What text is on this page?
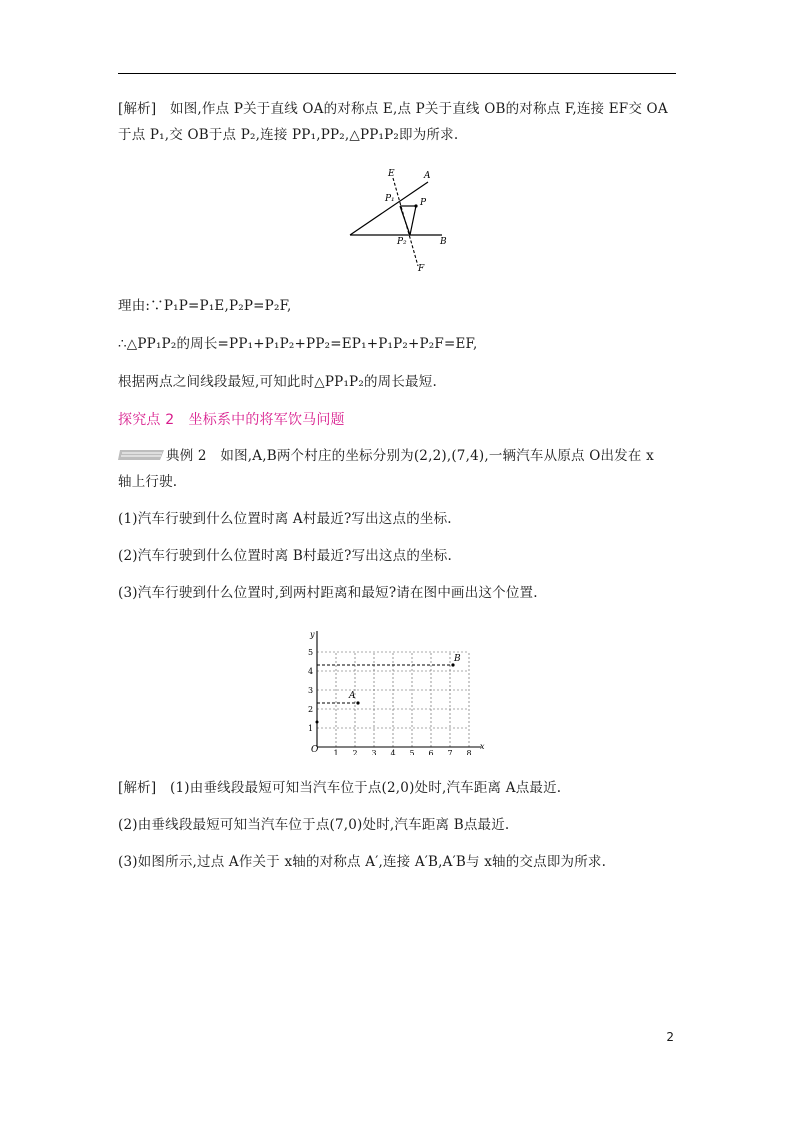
[解析]　如图,作点 P关于直线 OA的对称点 E,点 P关于直线 OB的对称点 F,连接 EF交 OA
于点 P₁,交 OB于点 P₂,连接 PP₁,PP₂,△PP₁P₂即为所求.
E	A
P₁	P
P₂	B
F
理由:∵P₁P=P₁E,P₂P=P₂F,
∴△PP₁P₂的周长=PP₁+P₁P₂+PP₂=EP₁+P₁P₂+P₂F=EF,
根据两点之间线段最短,可知此时△PP₁P₂的周长最短.
探究点 2　坐标系中的将军饮马问题
典例 2　如图,A,B两个村庄的坐标分别为(2,2),(7,4),一辆汽车从原点 O出发在 x
轴上行驶.
(1)汽车行驶到什么位置时离 A村最近?写出这点的坐标.
(2)汽车行驶到什么位置时离 B村最近?写出这点的坐标.
(3)汽车行驶到什么位置时,到两村距离和最短?请在图中画出这个位置.
A
B
O	x
y
1 2 3 4 5 6 7 8
1
2
3
4
5
[解析]　(1)由垂线段最短可知当汽车位于点(2,0)处时,汽车距离 A点最近.
(2)由垂线段最短可知当汽车位于点(7,0)处时,汽车距离 B点最近.
(3)如图所示,过点 A作关于 x轴的对称点 A′,连接 A′B,A′B与 x轴的交点即为所求.
2
